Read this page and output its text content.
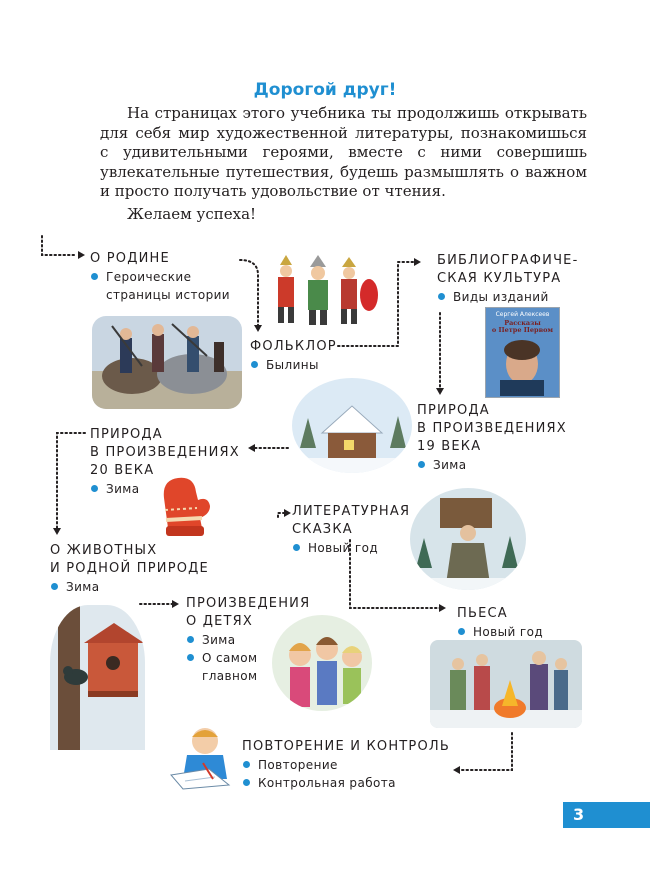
Дорогой друг!

На страницах этого учебника ты продолжишь открывать для себя мир художественной литературы, познакомишься с удивительными героями, вместе с ними совершишь увлекательные путешествия, будешь размышлять о важном и просто получать удовольствие от чтения.

Желаем успеха!
О РОДИНЕ
Героические
страницы истории
ФОЛЬКЛОР
Былины
БИБЛИОГРАФИЧЕ-
СКАЯ КУЛЬТУРА
Виды изданий
ПРИРОДА
В ПРОИЗВЕДЕНИЯХ
19 ВЕКА
Зима
ПРИРОДА
В ПРОИЗВЕДЕНИЯХ
20 ВЕКА
Зима
ЛИТЕРАТУРНАЯ
СКАЗКА
Новый год
О ЖИВОТНЫХ
И РОДНОЙ ПРИРОДЕ
Зима
ПРОИЗВЕДЕНИЯ
О ДЕТЯХ
Зима
О самом
главном
ПЬЕСА
Новый год
ПОВТОРЕНИЕ И КОНТРОЛЬ
Повторение
Контрольная работа
Сергей Алексеев
Рассказы
о Петре Первом
3
